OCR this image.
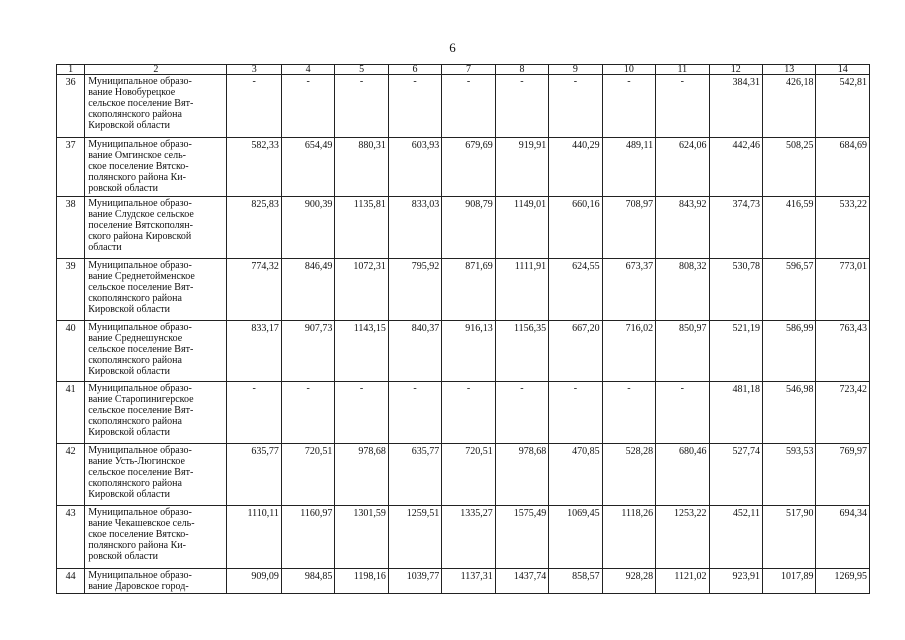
6
1	2	3	4	5	6	7	8	9	10	11	12	13	14
36	Муниципальное образо-
вание Новобурецкое
сельское поселение Вят-
скополянского района
Кировской области	-	-	-	-	-	-	-	-	-	384,31	426,18	542,81
37	Муниципальное образо-
вание Омгинское сель-
ское поселение Вятско-
полянского района Ки-
ровской области	582,33	654,49	880,31	603,93	679,69	919,91	440,29	489,11	624,06	442,46	508,25	684,69
38	Муниципальное образо-
вание Слудское сельское
поселение Вятскополян-
ского района Кировской
области	825,83	900,39	1135,81	833,03	908,79	1149,01	660,16	708,97	843,92	374,73	416,59	533,22
39	Муниципальное образо-
вание Среднетойменское
сельское поселение Вят-
скополянского района
Кировской области	774,32	846,49	1072,31	795,92	871,69	1111,91	624,55	673,37	808,32	530,78	596,57	773,01
40	Муниципальное образо-
вание Среднешунское
сельское поселение Вят-
скополянского района
Кировской области	833,17	907,73	1143,15	840,37	916,13	1156,35	667,20	716,02	850,97	521,19	586,99	763,43
41	Муниципальное образо-
вание Старопинигерское
сельское поселение Вят-
скополянского района
Кировской области	-	-	-	-	-	-	-	-	-	481,18	546,98	723,42
42	Муниципальное образо-
вание Усть-Люгинское
сельское поселение Вят-
скополянского района
Кировской области	635,77	720,51	978,68	635,77	720,51	978,68	470,85	528,28	680,46	527,74	593,53	769,97
43	Муниципальное образо-
вание Чекашевское сель-
ское поселение Вятско-
полянского района Ки-
ровской области	1110,11	1160,97	1301,59	1259,51	1335,27	1575,49	1069,45	1118,26	1253,22	452,11	517,90	694,34
44	Муниципальное образо-
вание Даровское город-	909,09	984,85	1198,16	1039,77	1137,31	1437,74	858,57	928,28	1121,02	923,91	1017,89	1269,95
